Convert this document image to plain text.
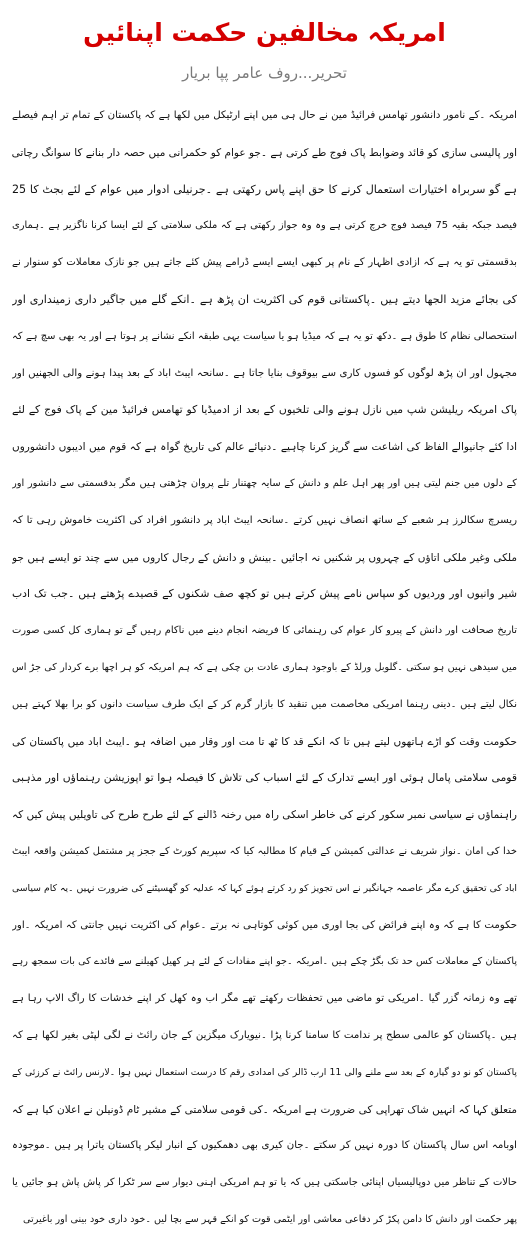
امریکہ مخالفین حکمت اپنائیں
تحریر...روف عامر پپا بریار
امریکہ ۔کے نامور دانشور تھامس فرائیڈ مین نے حال ہی میں اپنے ارٹیکل میں لکھا ہے کہ پاکستان کے تمام تر اہم فیصلے
اور پالیسی سازی کو قائد وضوابط پاک فوج طے کرتی ہے ۔جو عوام کو حکمرانی میں حصہ دار بنانے کا سوانگ رچاتی
ہے گو سربراہ اختیارات استعمال کرنے کا حق اپنے پاس رکھتی ہے ۔جرنیلی ادوار میں عوام کے لئے بجٹ کا 25
فیصد جبکہ بقیہ 75 فیصد فوج خرچ کرتی ہے وہ وہ جواز رکھتی ہے کہ ملکی سلامتی کے لئے ایسا کرنا ناگزیر ہے ۔ہماری
بدقسمتی تو یہ ہے کہ ازادی اظہار کے نام پر کبھی ایسے ایسے ڈرامے پیش کئے جاتے ہیں جو نازک معاملات کو سنوار نے
کی بجائے مزید الجھا دیتے ہیں ۔پاکستانی قوم کی اکثریت ان پڑھ ہے ۔انکے گلے میں جاگیر داری زمینداری اور
استحصالی نظام کا طوق ہے ۔دکھ تو یہ ہے کہ میڈیا ہو یا سیاست یہی طبقہ انکے نشانے پر ہوتا ہے اور یہ بھی سچ ہے کہ
مجہول اور ان پڑھ لوگوں کو فسوں کاری سے بیوقوف بنایا جاتا ہے ۔سانحہ ایبٹ اباد کے بعد پیدا ہونے والی الجھنیں اور
پاک امریکہ ریلیشن شپ میں نازل ہونے والی تلخیوں کے بعد از ادمیڈیا کو تھامس فرائیڈ مین کے پاک فوج کے لئے
ادا کئے جانیوالے الفاظ کی اشاعت سے گریز کرنا چاہیے ۔دنیائے عالم کی تاریخ گواہ ہے کہ قوم میں ادیبوں دانشوروں
کے دلوں میں جنم لیتی ہیں اور پھر اہل علم و دانش کے سایہ چھتنار تلے پروان چڑھتی ہیں مگر بدقسمتی سے دانشور اور
ریسرچ سکالرز ہر شعبے کے ساتھ انصاف نہیں کرتے ۔سانحہ ایبٹ اباد پر دانشور افراد کی اکثریت خاموش رہی تا کہ
ملکی وغیر ملکی اتاؤں کے چہروں پر شکنیں نہ اجائیں ۔بینش و دانش کے رجال کاروں میں سے چند تو ایسے ہیں جو
شیر وانیوں اور وردیوں کو سپاس نامے پیش کرتے ہیں تو کچھ صف شکنوں کے قصیدے پڑھتے ہیں ۔جب تک ادب
تاریخ صحافت اور دانش کے پیرو کار عوام کی رہنمائی کا فریضہ انجام دینے میں ناکام رہیں گے تو ہماری کل کسی صورت
میں سیدھی نہیں ہو سکتی ۔گلوبل ورلڈ کے باوجود ہماری عادت بن چکی ہے کہ ہم امریکہ کو ہر اچھا برے کردار کی جڑ اس
نکال لیتے ہیں ۔دینی رہنما امریکی مخاصمت میں تنقید کا بازار گرم کر کے ایک طرف سیاست دانوں کو برا بھلا کہتے ہیں
حکومت وقت کو اڑے ہاتھوں لیتے ہیں تا کہ انکے قد کا ٹھ تا مت اور وقار میں اضافہ ہو ۔ایبٹ اباد میں پاکستان کی
قومی سلامتی پامال ہوئی اور ایسے تدارک کے لئے اسباب کی تلاش کا فیصلہ ہوا تو اپوزیشن رہنماؤں اور مذہبی
راہنماؤں نے سیاسی نمبر سکور کرنے کی خاطر اسکی راہ میں رخنہ ڈالنے کے لئے طرح طرح کی تاویلیں پیش کیں کہ
خدا کی امان ۔نواز شریف نے عدالتی کمیشن کے قیام کا مطالبہ کیا کہ سپریم کورٹ کے ججز پر مشتمل کمیشن واقعہ ایبٹ
اباد کی تحقیق کرے مگر عاصمہ جہانگیر نے اس تجویز کو رد کرتے ہوئے کہا کہ عدلیہ کو گھسیٹنے کی ضرورت نہیں ۔یہ کام سیاسی
حکومت کا ہے کہ وہ اپنے فرائض کی بجا اوری میں کوئی کوتاہی نہ برتے ۔عوام کی اکثریت نہیں جانتی کہ امریکہ ۔اور
پاکستان کے معاملات کس حد تک بگڑ چکے ہیں ۔امریکہ ۔جو اپنے مفادات کے لئے ہر کھیل کھیلنے سے فائدے کی بات سمجھ رہے
تھے وہ زمانہ گزر گیا ۔امریکی تو ماضی میں تحفظات رکھتے تھے مگر اب وہ کھل کر اپنے خدشات کا راگ الاپ رہا ہے
ہیں ۔پاکستان کو عالمی سطح پر ندامت کا سامنا کرنا پڑا ۔نیویارک میگزین کے جان رائٹ نے لگی لپٹی بغیر لکھا ہے کہ
پاکستان کو نو دو گیارہ کے بعد سے ملنے والی 11 ارب ڈالر کی امدادی رقم کا درست استعمال نہیں ہوا ۔لارنس رائٹ نے کرزئی کے
متعلق کہا کہ انہیں شاک تھراپی کی ضرورت ہے امریکہ ۔کی قومی سلامتی کے مشیر ٹام ڈونیلن نے اعلان کیا ہے کہ
اوبامہ اس سال پاکستان کا دورہ نہیں کر سکتے ۔جان کیری بھی دھمکیوں کے انبار لیکر پاکستان یاترا پر ہیں ۔موجودہ
حالات کے تناظر میں دوپالیسیاں اپنائی جاسکتی ہیں کہ یا تو ہم امریکی اہنی دیوار سے سر ٹکرا کر پاش پاش ہو جائیں یا
پھر حکمت اور دانش کا دامن پکڑ کر دفاعی معاشی اور ایٹمی قوت کو انکے قہر سے بچا لیں ۔خود داری خود بینی اور باغیرتی
